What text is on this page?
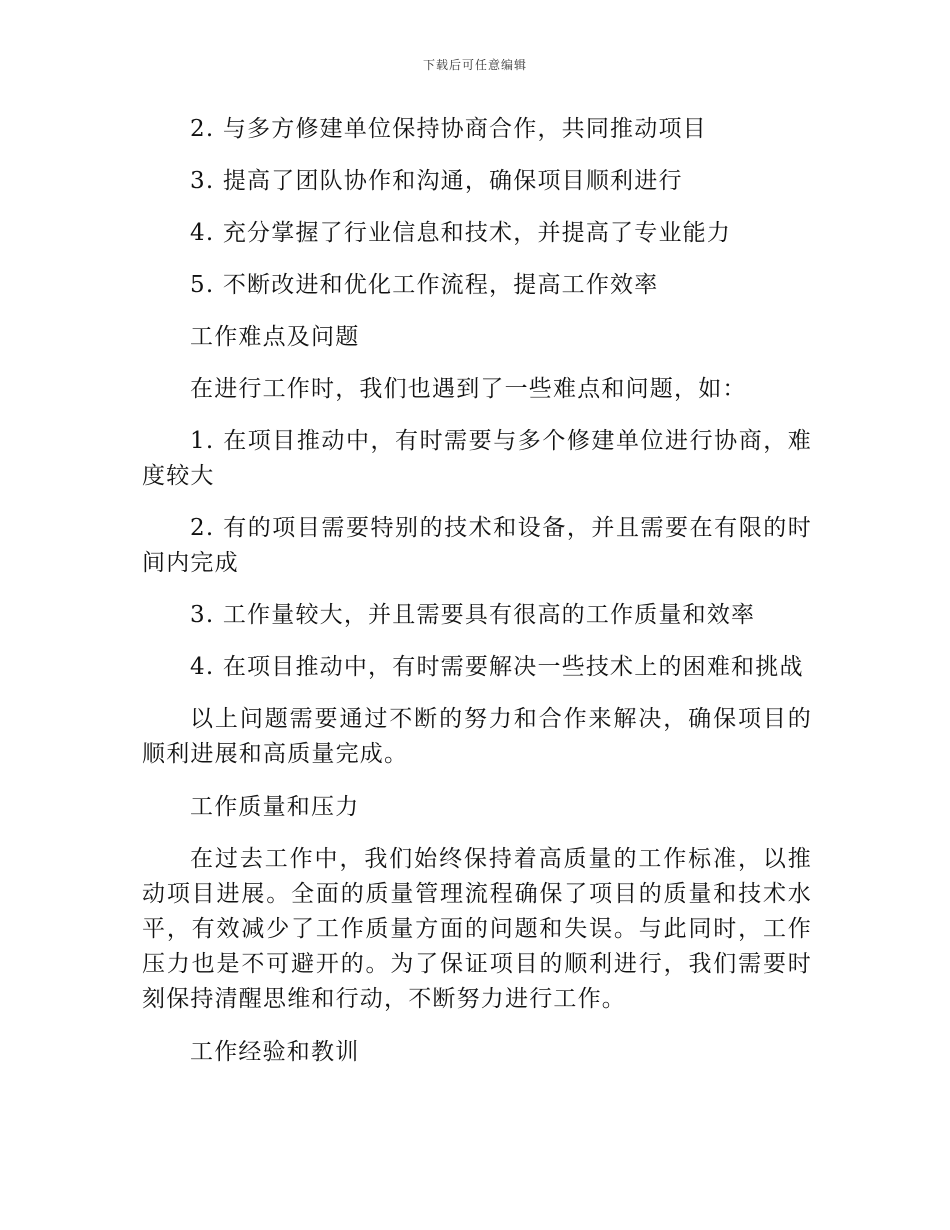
下载后可任意编辑

2. 与多方修建单位保持协商合作，共同推动项目

3. 提高了团队协作和沟通，确保项目顺利进行

4. 充分掌握了行业信息和技术，并提高了专业能力

5. 不断改进和优化工作流程，提高工作效率

工作难点及问题

在进行工作时，我们也遇到了一些难点和问题，如：

1. 在项目推动中，有时需要与多个修建单位进行协商，难度较大

2. 有的项目需要特别的技术和设备，并且需要在有限的时间内完成

3. 工作量较大，并且需要具有很高的工作质量和效率

4. 在项目推动中，有时需要解决一些技术上的困难和挑战

以上问题需要通过不断的努力和合作来解决，确保项目的顺利进展和高质量完成。

工作质量和压力

在过去工作中，我们始终保持着高质量的工作标准，以推动项目进展。全面的质量管理流程确保了项目的质量和技术水平，有效减少了工作质量方面的问题和失误。与此同时，工作压力也是不可避开的。为了保证项目的顺利进行，我们需要时刻保持清醒思维和行动，不断努力进行工作。

工作经验和教训
